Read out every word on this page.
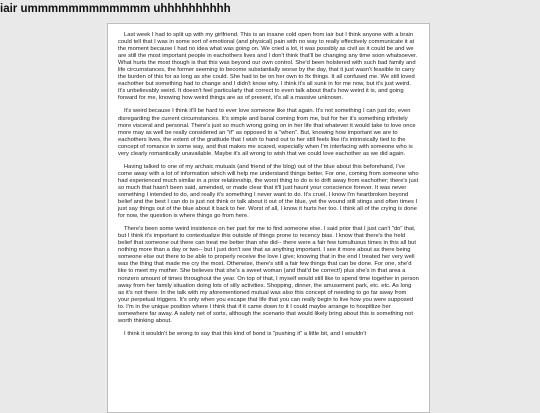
iair ummmmmmmmmmmm uhhhhhhhhhh

Last week I had to split up with my girlfriend. This is an insane cold open from iair but I think anyone with a brain could tell that I was in some sort of emotional (and physical) pain with no way to really effectively communicate it at the moment because I had no idea what was going on. We cried a lot, it was possibly as civil as it could be and we are still the most important people in eachothers lives and I don't think that'll be changing any time soon whatsoever. What hurts the most though is that this was beyond our own control. She'd been holstered with such bad family and life circumstances, the former seeming to become substantially worse by the day, that it just wasn't feasible to carry the burden of this for as long as she could. She had to be on her own to fix things. It all confused me. We still loved eachother but something had to change and I didn't know why. I think it's all sunk in for me now, but it's just weird. It's unbelievably weird. It doesn't feel particularly that correct to even talk about that's how weird it is, and going forward for me, knowing how weird things are as of present, it's all a massive unknown.

It's weird because I think it'll be hard to ever love someone like that again. It's not something I can just do, even disregarding the current circumstances. It's simple and banal coming from me, but for her it's something infinitely more visceral and personal. There's just so much wrong going on in her life that whatever it would take to love once more may as well be really considered an "if" as opposed to a "when". But, knowing how important we are to eachothers lives, the extent of the gratitude that I wish to hand out to her still feels like it's intrinsically tied to the concept of romance in some way, and that makes me scared, especially when I'm interfacing with someone who is very clearly romantically unavailable. Maybe it's all wrong to wish that we could love eachother as we did again.

Having talked to one of my archaic mutuals (and friend of the blog) out of the blue about this beforehand, I've come away with a lot of information which will help me understand things better. For one, coming from someone who had experienced much similar in a prior relationship, the worst thing to do is to drift away from eachother; there's just so much that hasn't been said, amended, or made clear that it'll just haunt your conscience forever. It was never something I intended to do, and really it's something I never want to do. It's cruel. I know I'm heartbroken beyond belief and the best I can do is just not think or talk about it out of the blue, yet the wound still stings and often times I just say things out of the blue about it back to her. Worst of all, I know it hurts her too. I think all of the crying is done for now, the question is where things go from here.

There's been some weird insistence on her part for me to find someone else. I said prior that I just can't "do" that, but I think it's important to contextualize this outside of things prone to recency bias. I know that there's the held belief that someone out there can treat me better than she did-- there were a fair few tumultuous times in this all but nothing more than a day or two-- but I just don't see that as anything important. I see it more about as there being someone else out there to be able to properly receive the love I give; knowing that in the end I treated her very well was the thing that made me cry the most. Otherwise, there's still a fair few things that can be done. For one, she'd like to meet my mother. She believes that she's a sweet woman (and that'd be correct!) plus she's in that area a nonzero amount of times throughout the year. On top of that, I myself would still like to spend time together in person away from her family situation doing lots of silly activities. Shopping, dinner, the amusement park, etc. etc. As long as it's not there. In the talk with my aforementioned mutual was also this concept of needing to go far away from your perpetual triggers. It's only when you escape that life that you can really begin to live how you were supposed to. I'm in the unique position where I think that if it came down to it I could maybe arrange to hospitlize her somewhere far away. A safety net of sorts, although the scenario that would likely bring about this is something not worth thinking about.

I think it wouldn't be wrong to say that this kind of bond is "pushing it" a little bit, and I wouldn't
